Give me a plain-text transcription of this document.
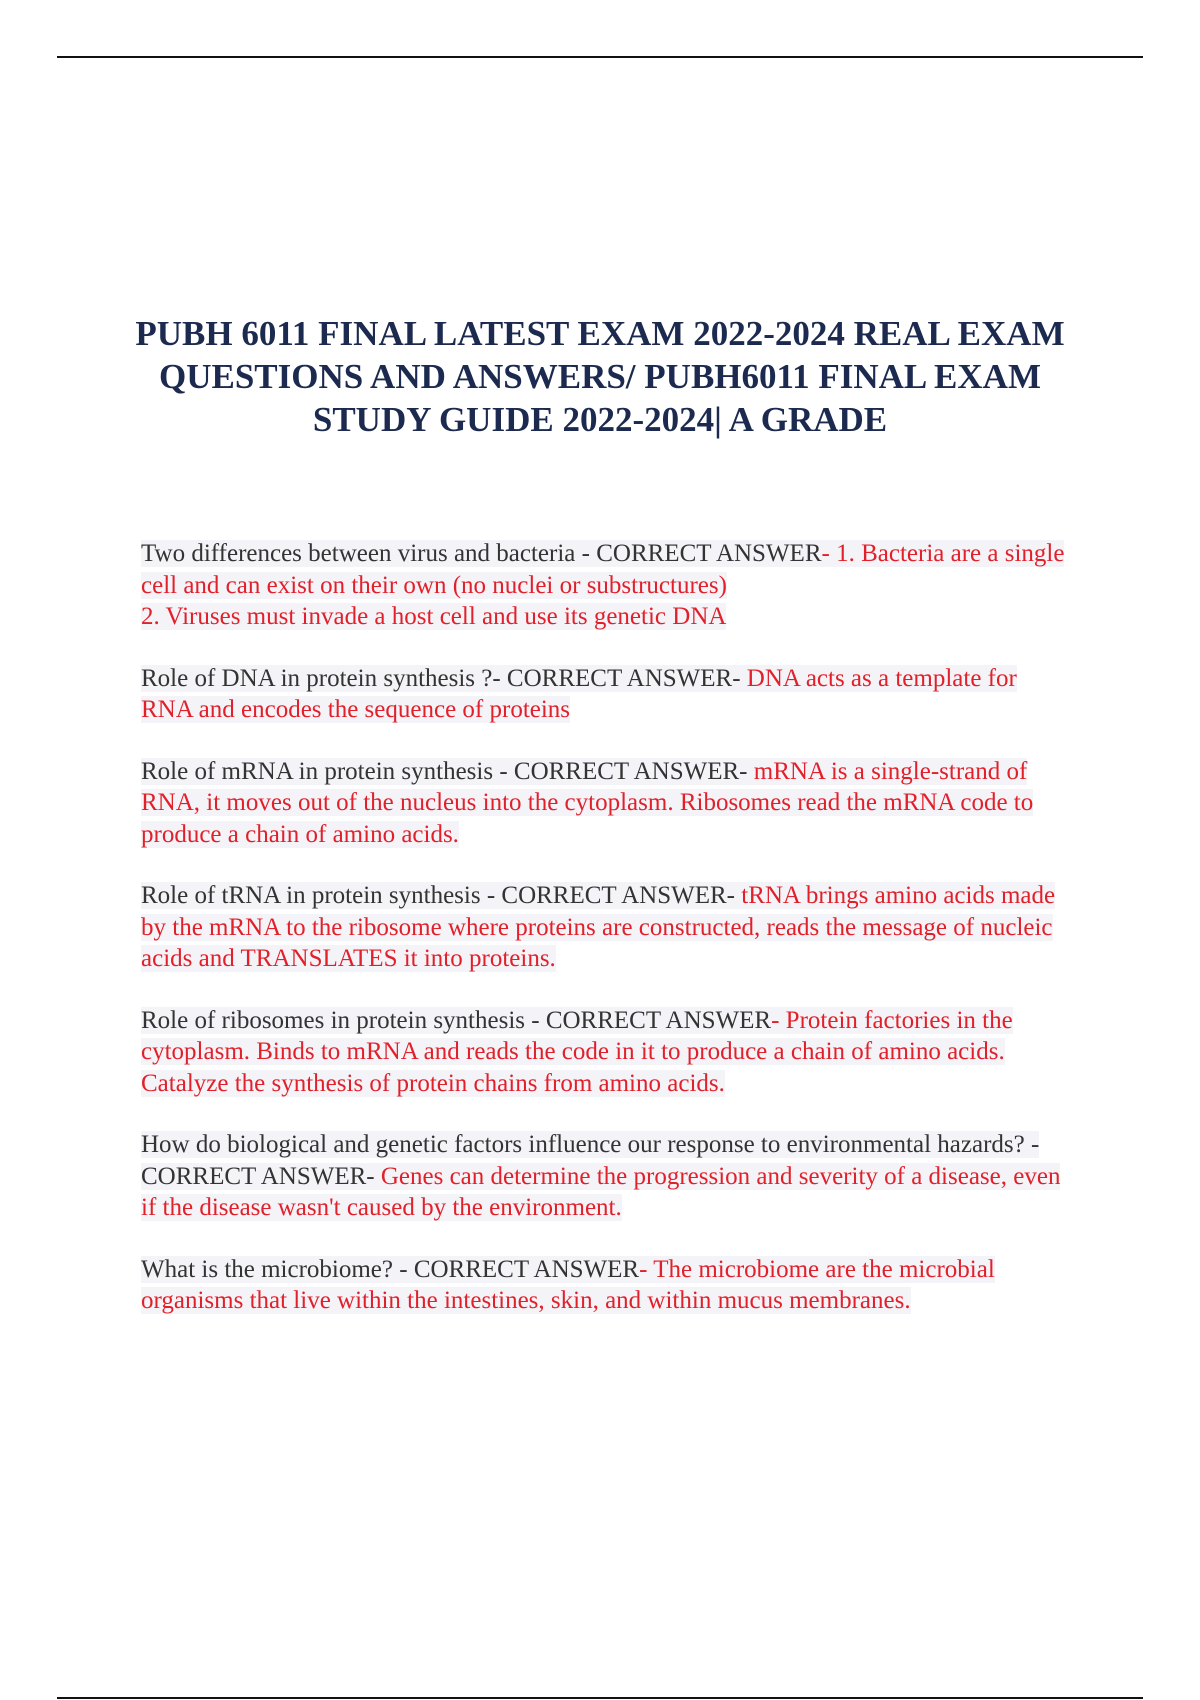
PUBH 6011 FINAL LATEST EXAM 2022-2024 REAL EXAM QUESTIONS AND ANSWERS/ PUBH6011 FINAL EXAM STUDY GUIDE 2022-2024| A GRADE
Two differences between virus and bacteria - CORRECT ANSWER- 1. Bacteria are a single cell and can exist on their own (no nuclei or substructures)
2. Viruses must invade a host cell and use its genetic DNA
Role of DNA in protein synthesis ?- CORRECT ANSWER- DNA acts as a template for RNA and encodes the sequence of proteins
Role of mRNA in protein synthesis - CORRECT ANSWER- mRNA is a single-strand of RNA, it moves out of the nucleus into the cytoplasm. Ribosomes read the mRNA code to produce a chain of amino acids.
Role of tRNA in protein synthesis - CORRECT ANSWER- tRNA brings amino acids made by the mRNA to the ribosome where proteins are constructed, reads the message of nucleic acids and TRANSLATES it into proteins.
Role of ribosomes in protein synthesis - CORRECT ANSWER- Protein factories in the cytoplasm. Binds to mRNA and reads the code in it to produce a chain of amino acids. Catalyze the synthesis of protein chains from amino acids.
How do biological and genetic factors influence our response to environmental hazards? - CORRECT ANSWER- Genes can determine the progression and severity of a disease, even if the disease wasn't caused by the environment.
What is the microbiome? - CORRECT ANSWER- The microbiome are the microbial organisms that live within the intestines, skin, and within mucus membranes.
